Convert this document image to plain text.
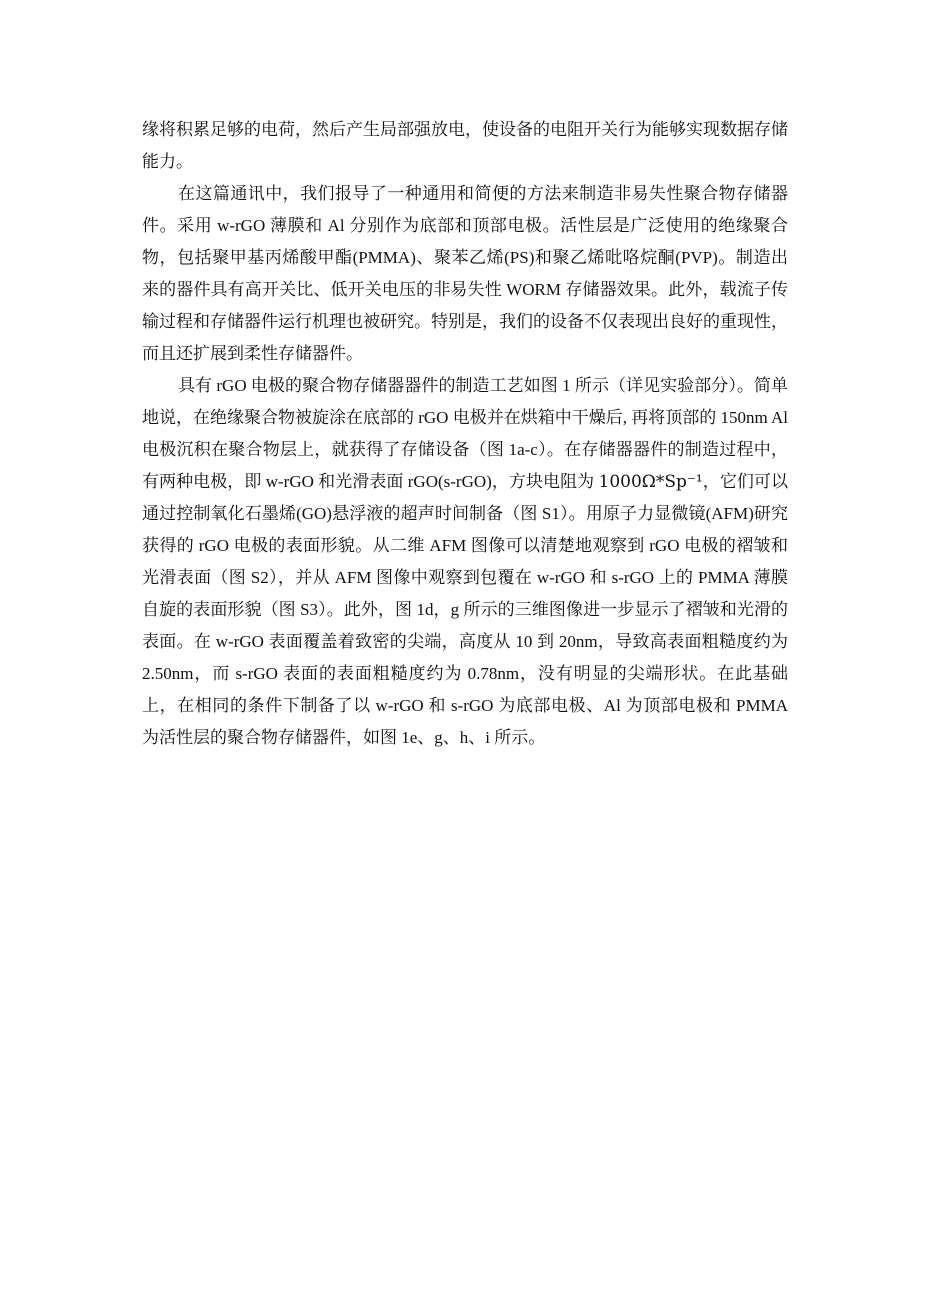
缘将积累足够的电荷，然后产生局部强放电，使设备的电阻开关行为能够实现数据存储能力。

在这篇通讯中，我们报导了一种通用和简便的方法来制造非易失性聚合物存储器件。采用 w-rGO 薄膜和 Al 分别作为底部和顶部电极。活性层是广泛使用的绝缘聚合物，包括聚甲基丙烯酸甲酯(PMMA)、聚苯乙烯(PS)和聚乙烯吡咯烷酮(PVP)。制造出来的器件具有高开关比、低开关电压的非易失性 WORM 存储器效果。此外，载流子传输过程和存储器件运行机理也被研究。特别是，我们的设备不仅表现出良好的重现性，而且还扩展到柔性存储器件。

具有 rGO 电极的聚合物存储器器件的制造工艺如图 1 所示（详见实验部分）。简单地说，在绝缘聚合物被旋涂在底部的 rGO 电极并在烘箱中干燥后, 再将顶部的 150nm Al 电极沉积在聚合物层上，就获得了存储设备（图 1a-c）。在存储器器件的制造过程中，有两种电极，即 w-rGO 和光滑表面 rGO(s-rGO)，方块电阻为 1000Ω*Sp⁻¹，它们可以通过控制氧化石墨烯(GO)悬浮液的超声时间制备（图 S1）。用原子力显微镜(AFM)研究获得的 rGO 电极的表面形貌。从二维 AFM 图像可以清楚地观察到 rGO 电极的褶皱和光滑表面（图 S2），并从 AFM 图像中观察到包覆在 w-rGO 和 s-rGO 上的 PMMA 薄膜自旋的表面形貌（图 S3）。此外，图 1d，g 所示的三维图像进一步显示了褶皱和光滑的表面。在 w-rGO 表面覆盖着致密的尖端，高度从 10 到 20nm，导致高表面粗糙度约为 2.50nm，而 s-rGO 表面的表面粗糙度约为 0.78nm，没有明显的尖端形状。在此基础上，在相同的条件下制备了以 w-rGO 和 s-rGO 为底部电极、Al 为顶部电极和 PMMA 为活性层的聚合物存储器件，如图 1e、g、h、i 所示。
